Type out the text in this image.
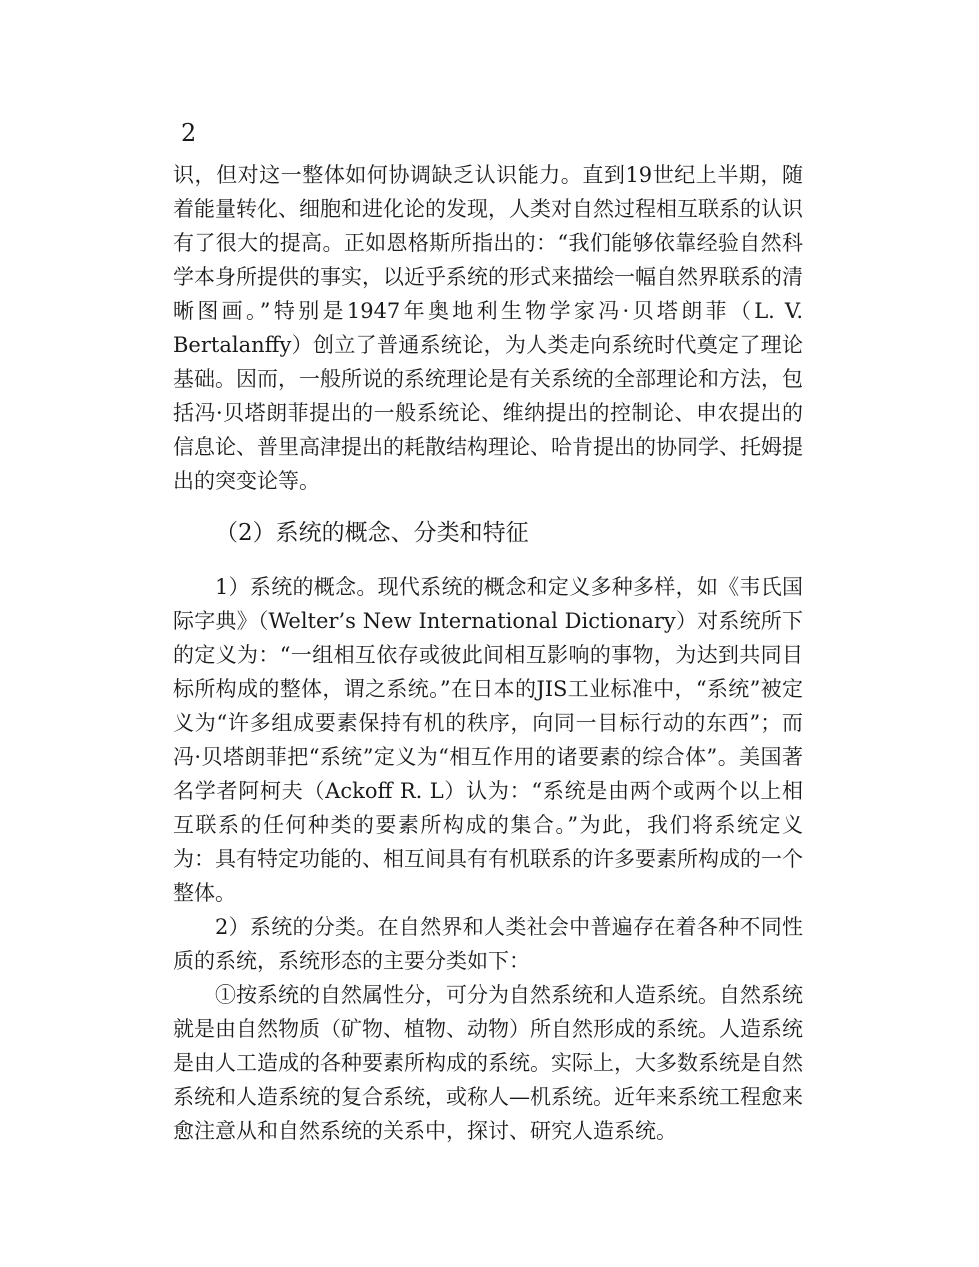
2

识，但对这一整体如何协调缺乏认识能力。直到19世纪上半期，随着能量转化、细胞和进化论的发现，人类对自然过程相互联系的认识有了很大的提高。正如恩格斯所指出的：“我们能够依靠经验自然科学本身所提供的事实，以近乎系统的形式来描绘一幅自然界联系的清晰图画。”特别是1947年奥地利生物学家冯·贝塔朗菲（L. V. Bertalanffy）创立了普通系统论，为人类走向系统时代奠定了理论基础。因而，一般所说的系统理论是有关系统的全部理论和方法，包括冯·贝塔朗菲提出的一般系统论、维纳提出的控制论、申农提出的信息论、普里高津提出的耗散结构理论、哈肯提出的协同学、托姆提出的突变论等。

（2）系统的概念、分类和特征

1）系统的概念。现代系统的概念和定义多种多样，如《韦氏国际字典》（Welter’s New International Dictionary）对系统所下的定义为：“一组相互依存或彼此间相互影响的事物，为达到共同目标所构成的整体，谓之系统。”在日本的JIS工业标准中，“系统”被定义为“许多组成要素保持有机的秩序，向同一目标行动的东西”；而冯·贝塔朗菲把“系统”定义为“相互作用的诸要素的综合体”。美国著名学者阿柯夫（Ackoff R. L）认为：“系统是由两个或两个以上相互联系的任何种类的要素所构成的集合。”为此，我们将系统定义为：具有特定功能的、相互间具有有机联系的许多要素所构成的一个整体。

2）系统的分类。在自然界和人类社会中普遍存在着各种不同性质的系统，系统形态的主要分类如下：

①按系统的自然属性分，可分为自然系统和人造系统。自然系统就是由自然物质（矿物、植物、动物）所自然形成的系统。人造系统是由人工造成的各种要素所构成的系统。实际上，大多数系统是自然系统和人造系统的复合系统，或称人—机系统。近年来系统工程愈来愈注意从和自然系统的关系中，探讨、研究人造系统。
